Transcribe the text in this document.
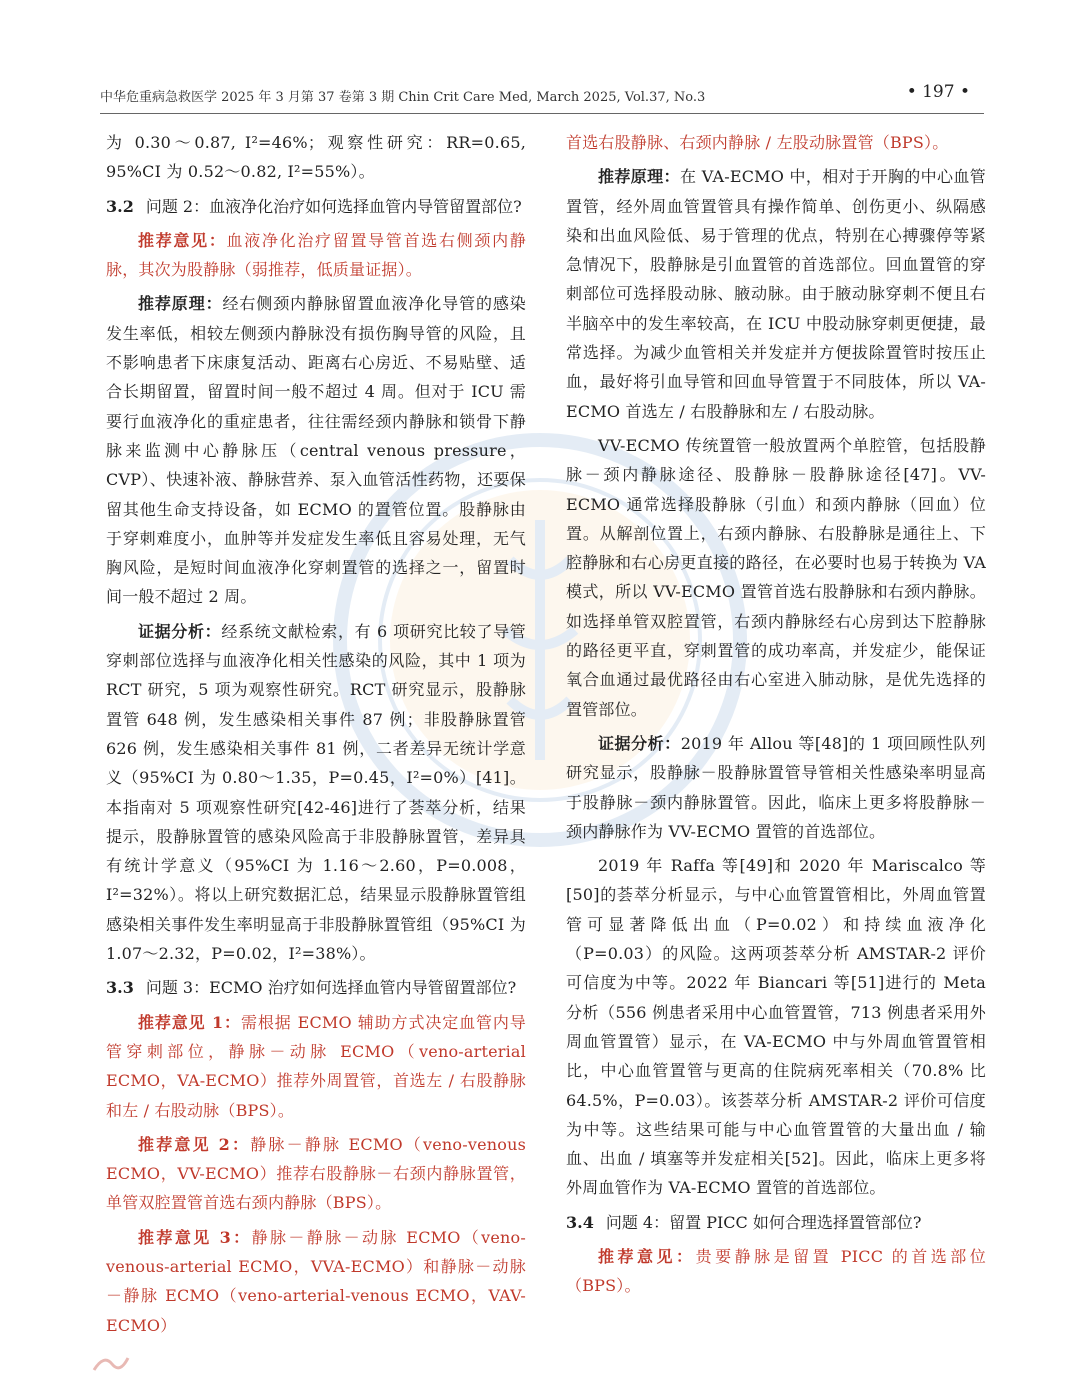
中华危重病急救医学 2025 年 3 月第 37 卷第 3 期 Chin Crit Care Med, March 2025, Vol.37, No.3	• 197 •

为 0.30～0.87, I²=46%；观察性研究：RR=0.65, 95%CI 为 0.52～0.82, I²=55%）。

3.2 问题 2：血液净化治疗如何选择血管内导管留置部位?

推荐意见：血液净化治疗留置导管首选右侧颈内静脉，其次为股静脉（弱推荐，低质量证据）。

推荐原理：经右侧颈内静脉留置血液净化导管的感染发生率低，相较左侧颈内静脉没有损伤胸导管的风险，且不影响患者下床康复活动、距离右心房近、不易贴壁、适合长期留置，留置时间一般不超过 4 周。但对于 ICU 需要行血液净化的重症患者，往往需经颈内静脉和锁骨下静脉来监测中心静脉压（central venous pressure，CVP）、快速补液、静脉营养、泵入血管活性药物，还要保留其他生命支持设备，如 ECMO 的置管位置。股静脉由于穿刺难度小，血肿等并发症发生率低且容易处理，无气胸风险，是短时间血液净化穿刺置管的选择之一，留置时间一般不超过 2 周。

证据分析：经系统文献检索，有 6 项研究比较了导管穿刺部位选择与血液净化相关性感染的风险，其中 1 项为 RCT 研究，5 项为观察性研究。RCT 研究显示，股静脉置管 648 例，发生感染相关事件 87 例；非股静脉置管 626 例，发生感染相关事件 81 例，二者差异无统计学意义（95%CI 为 0.80～1.35，P=0.45，I²=0%）[41]。本指南对 5 项观察性研究[42-46]进行了荟萃分析，结果提示，股静脉置管的感染风险高于非股静脉置管，差异具有统计学意义（95%CI 为 1.16～2.60，P=0.008，I²=32%）。将以上研究数据汇总，结果显示股静脉置管组感染相关事件发生率明显高于非股静脉置管组（95%CI 为 1.07～2.32，P=0.02，I²=38%）。

3.3 问题 3：ECMO 治疗如何选择血管内导管留置部位?

推荐意见 1：需根据 ECMO 辅助方式决定血管内导管穿刺部位，静脉－动脉 ECMO（veno-arterial ECMO，VA-ECMO）推荐外周置管，首选左 / 右股静脉和左 / 右股动脉（BPS）。

推荐意见 2：静脉－静脉 ECMO（veno-venous ECMO，VV-ECMO）推荐右股静脉－右颈内静脉置管，单管双腔置管首选右颈内静脉（BPS）。

推荐意见 3：静脉－静脉－动脉 ECMO（veno-venous-arterial ECMO，VVA-ECMO）和静脉－动脉－静脉 ECMO（veno-arterial-venous ECMO，VAV-ECMO）

首选右股静脉、右颈内静脉 / 左股动脉置管（BPS）。

推荐原理：在 VA-ECMO 中，相对于开胸的中心血管置管，经外周血管置管具有操作简单、创伤更小、纵隔感染和出血风险低、易于管理的优点，特别在心搏骤停等紧急情况下，股静脉是引血置管的首选部位。回血置管的穿刺部位可选择股动脉、腋动脉。由于腋动脉穿刺不便且右半脑卒中的发生率较高，在 ICU 中股动脉穿刺更便捷，最常选择。为减少血管相关并发症并方便拔除置管时按压止血，最好将引血导管和回血导管置于不同肢体，所以 VA-ECMO 首选左 / 右股静脉和左 / 右股动脉。

VV-ECMO 传统置管一般放置两个单腔管，包括股静脉－颈内静脉途径、股静脉－股静脉途径[47]。VV-ECMO 通常选择股静脉（引血）和颈内静脉（回血）位置。从解剖位置上，右颈内静脉、右股静脉是通往上、下腔静脉和右心房更直接的路径，在必要时也易于转换为 VA 模式，所以 VV-ECMO 置管首选右股静脉和右颈内静脉。如选择单管双腔置管，右颈内静脉经右心房到达下腔静脉的路径更平直，穿刺置管的成功率高，并发症少，能保证氧合血通过最优路径由右心室进入肺动脉，是优先选择的置管部位。

证据分析：2019 年 Allou 等[48]的 1 项回顾性队列研究显示，股静脉－股静脉置管导管相关性感染率明显高于股静脉－颈内静脉置管。因此，临床上更多将股静脉－颈内静脉作为 VV-ECMO 置管的首选部位。

2019 年 Raffa 等[49]和 2020 年 Mariscalco 等[50]的荟萃分析显示，与中心血管置管相比，外周血管置管可显著降低出血（P=0.02）和持续血液净化（P=0.03）的风险。这两项荟萃分析 AMSTAR-2 评价可信度为中等。2022 年 Biancari 等[51]进行的 Meta 分析（556 例患者采用中心血管置管，713 例患者采用外周血管置管）显示，在 VA-ECMO 中与外周血管置管相比，中心血管置管与更高的住院病死率相关（70.8% 比 64.5%，P=0.03）。该荟萃分析 AMSTAR-2 评价可信度为中等。这些结果可能与中心血管置管的大量出血 / 输血、出血 / 填塞等并发症相关[52]。因此，临床上更多将外周血管作为 VA-ECMO 置管的首选部位。

3.4 问题 4：留置 PICC 如何合理选择置管部位?

推荐意见：贵要静脉是留置 PICC 的首选部位（BPS）。
